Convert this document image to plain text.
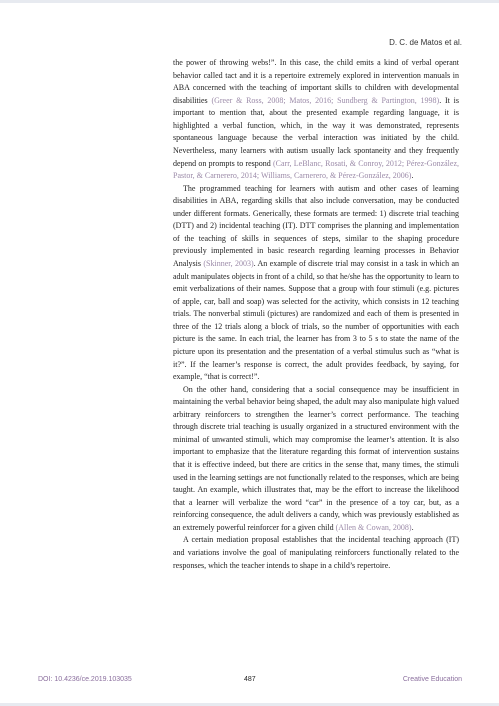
D. C. de Matos et al.

the power of throwing webs!”. In this case, the child emits a kind of verbal operant behavior called tact and it is a repertoire extremely explored in intervention manuals in ABA concerned with the teaching of important skills to children with developmental disabilities (Greer & Ross, 2008; Matos, 2016; Sundberg & Partington, 1998). It is important to mention that, about the presented example regarding language, it is highlighted a verbal function, which, in the way it was demonstrated, represents spontaneous language because the verbal interaction was initiated by the child. Nevertheless, many learners with autism usually lack spontaneity and they frequently depend on prompts to respond (Carr, LeBlanc, Rosati, & Conroy, 2012; Pérez-González, Pastor, & Carnerero, 2014; Williams, Carnerero, & Pérez-González, 2006).

The programmed teaching for learners with autism and other cases of learning disabilities in ABA, regarding skills that also include conversation, may be conducted under different formats. Generically, these formats are termed: 1) discrete trial teaching (DTT) and 2) incidental teaching (IT). DTT comprises the planning and implementation of the teaching of skills in sequences of steps, similar to the shaping procedure previously implemented in basic research regarding learning processes in Behavior Analysis (Skinner, 2003). An example of discrete trial may consist in a task in which an adult manipulates objects in front of a child, so that he/she has the opportunity to learn to emit verbalizations of their names. Suppose that a group with four stimuli (e.g. pictures of apple, car, ball and soap) was selected for the activity, which consists in 12 teaching trials. The nonverbal stimuli (pictures) are randomized and each of them is presented in three of the 12 trials along a block of trials, so the number of opportunities with each picture is the same. In each trial, the learner has from 3 to 5 s to state the name of the picture upon its presentation and the presentation of a verbal stimulus such as “what is it?”. If the learner’s response is correct, the adult provides feedback, by saying, for example, “that is correct!”.

On the other hand, considering that a social consequence may be insufficient in maintaining the verbal behavior being shaped, the adult may also manipulate high valued arbitrary reinforcers to strengthen the learner’s correct performance. The teaching through discrete trial teaching is usually organized in a structured environment with the minimal of unwanted stimuli, which may compromise the learner’s attention. It is also important to emphasize that the literature regarding this format of intervention sustains that it is effective indeed, but there are critics in the sense that, many times, the stimuli used in the learning settings are not functionally related to the responses, which are being taught. An example, which illustrates that, may be the effort to increase the likelihood that a learner will verbalize the word “car” in the presence of a toy car, but, as a reinforcing consequence, the adult delivers a candy, which was previously established as an extremely powerful reinforcer for a given child (Allen & Cowan, 2008).

A certain mediation proposal establishes that the incidental teaching approach (IT) and variations involve the goal of manipulating reinforcers functionally related to the responses, which the teacher intends to shape in a child’s repertoire.

DOI: 10.4236/ce.2019.103035	487	Creative Education
